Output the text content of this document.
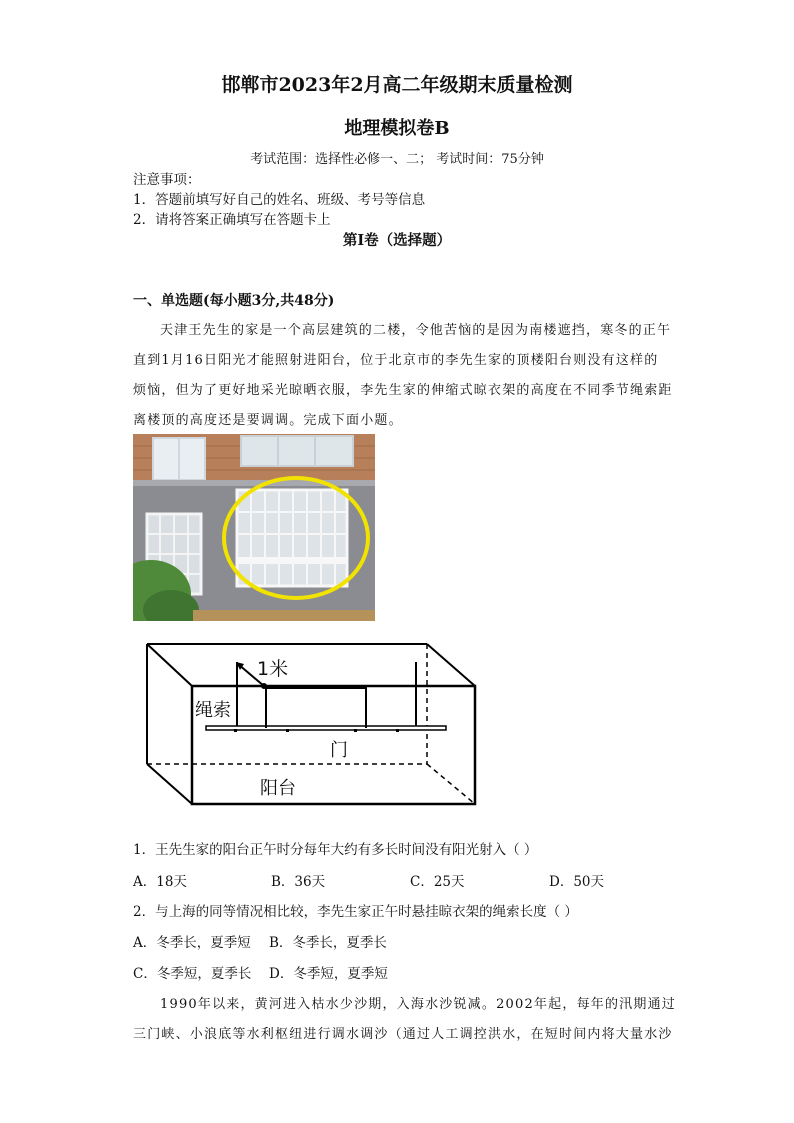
邯郸市2023年2月高二年级期末质量检测
地理模拟卷B
考试范围：选择性必修一、二； 考试时间：75分钟
注意事项：
1．答题前填写好自己的姓名、班级、考号等信息
2．请将答案正确填写在答题卡上
第I卷（选择题）
一、单选题(每小题3分,共48分)
天津王先生的家是一个高层建筑的二楼，令他苦恼的是因为南楼遮挡，寒冬的正午
直到1月16日阳光才能照射进阳台，位于北京市的李先生家的顶楼阳台则没有这样的
烦恼，但为了更好地采光晾晒衣服，李先生家的伸缩式晾衣架的高度在不同季节绳索距
离楼顶的高度还是要调调。完成下面小题。
1米
绳索
门
阳台
1．王先生家的阳台正午时分每年大约有多长时间没有阳光射入（ ）
A．18天	B．36天	C．25天	D．50天
2．与上海的同等情况相比较，李先生家正午时悬挂晾衣架的绳索长度（ ）
A．冬季长，夏季短 B．冬季长，夏季长
C．冬季短，夏季长 D．冬季短，夏季短
1990年以来，黄河进入枯水少沙期，入海水沙锐减。2002年起，每年的汛期通过
三门峡、小浪底等水利枢纽进行调水调沙（通过人工调控洪水，在短时间内将大量水沙
